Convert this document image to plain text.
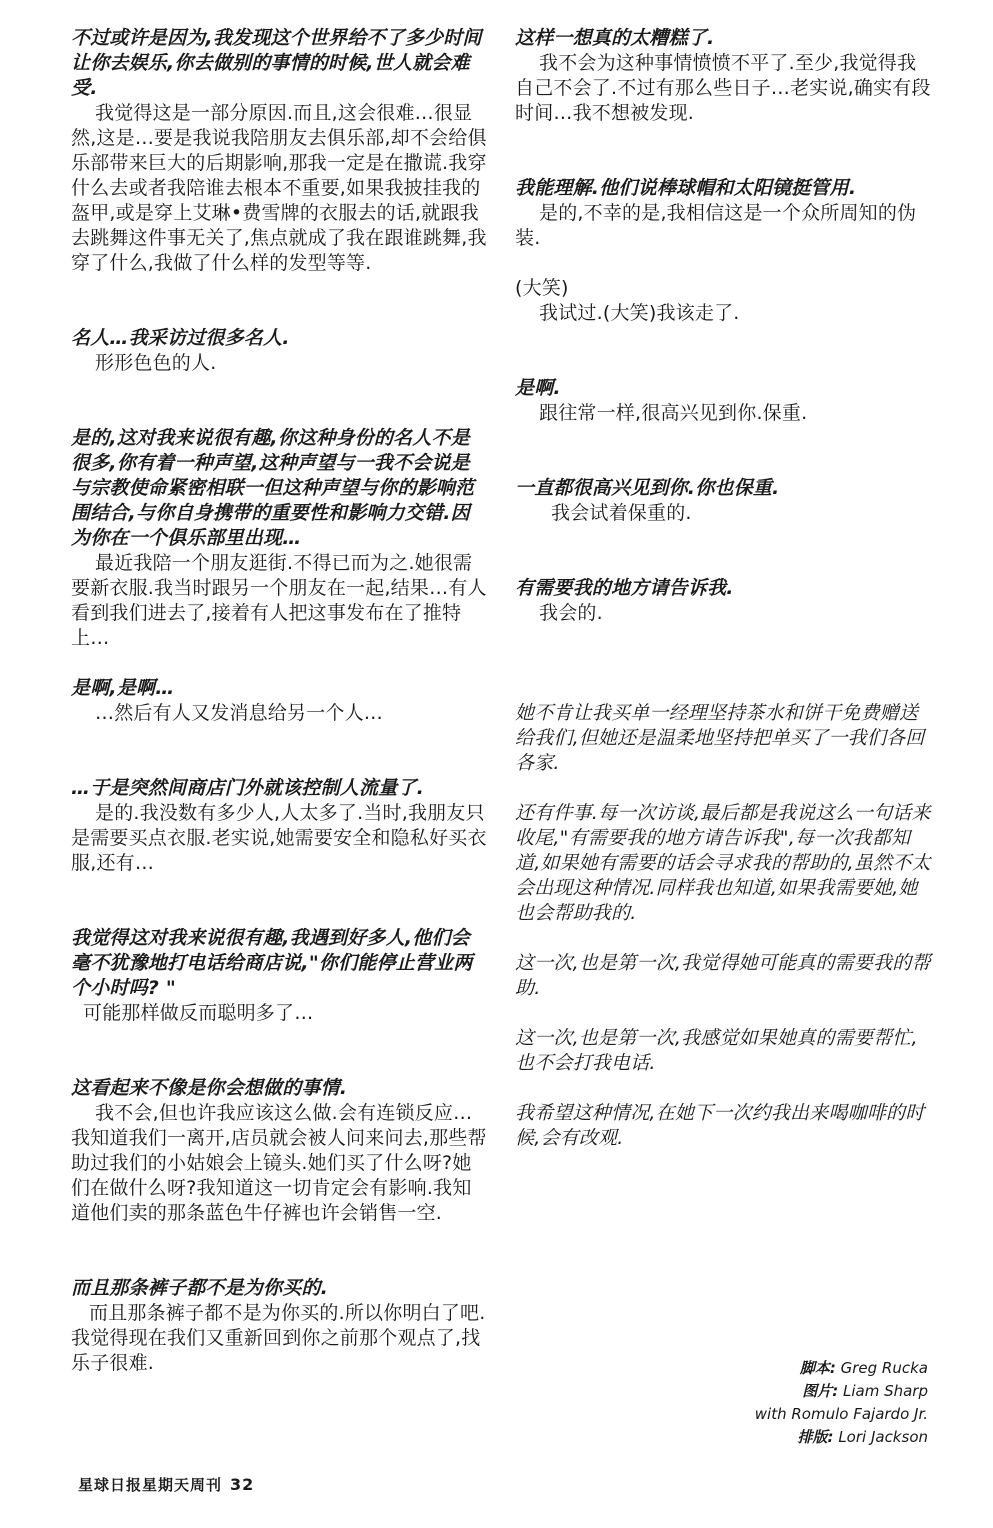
不过或许是因为,我发现这个世界给不了多少时间让你去娱乐,你去做别的事情的时候,世人就会难受.

我觉得这是一部分原因.而且,这会很难…很显然,这是…要是我说我陪朋友去俱乐部,却不会给俱乐部带来巨大的后期影响,那我一定是在撒谎.我穿什么去或者我陪谁去根本不重要,如果我披挂我的盔甲,或是穿上艾琳•费雪牌的衣服去的话,就跟我去跳舞这件事无关了,焦点就成了我在跟谁跳舞,我穿了什么,我做了什么样的发型等等.

名人…我采访过很多名人.

形形色色的人.

是的,这对我来说很有趣,你这种身份的名人不是很多,你有着一种声望,这种声望与一我不会说是与宗教使命紧密相联一但这种声望与你的影响范围结合,与你自身携带的重要性和影响力交错.因为你在一个俱乐部里出现…

最近我陪一个朋友逛街.不得已而为之.她很需要新衣服.我当时跟另一个朋友在一起,结果…有人看到我们进去了,接着有人把这事发布在了推特上…

是啊,是啊…

…然后有人又发消息给另一个人…

…于是突然间商店门外就该控制人流量了.

是的.我没数有多少人,人太多了.当时,我朋友只是需要买点衣服.老实说,她需要安全和隐私好买衣服,还有…

我觉得这对我来说很有趣,我遇到好多人,他们会毫不犹豫地打电话给商店说,"你们能停止营业两个小时吗? "

可能那样做反而聪明多了…

这看起来不像是你会想做的事情.

我不会,但也许我应该这么做.会有连锁反应…我知道我们一离开,店员就会被人问来问去,那些帮助过我们的小姑娘会上镜头.她们买了什么呀?她们在做什么呀?我知道这一切肯定会有影响.我知道他们卖的那条蓝色牛仔裤也许会销售一空.

而且那条裤子都不是为你买的.

而且那条裤子都不是为你买的.所以你明白了吧.我觉得现在我们又重新回到你之前那个观点了,找乐子很难.

这样一想真的太糟糕了.

我不会为这种事情愤愤不平了.至少,我觉得我自己不会了.不过有那么些日子…老实说,确实有段时间…我不想被发现.

我能理解.他们说棒球帽和太阳镜挺管用.

是的,不幸的是,我相信这是一个众所周知的伪装.

(大笑)

我试过.(大笑)我该走了.

是啊.

跟往常一样,很高兴见到你.保重.

一直都很高兴见到你.你也保重.

我会试着保重的.

有需要我的地方请告诉我.

我会的.

她不肯让我买单一经理坚持茶水和饼干免费赠送给我们,但她还是温柔地坚持把单买了一我们各回各家.

还有件事.每一次访谈,最后都是我说这么一句话来收尾,"有需要我的地方请告诉我",每一次我都知道,如果她有需要的话会寻求我的帮助的,虽然不太会出现这种情况.同样我也知道,如果我需要她,她也会帮助我的.

这一次,也是第一次,我觉得她可能真的需要我的帮助.

这一次,也是第一次,我感觉如果她真的需要帮忙,也不会打我电话.

我希望这种情况,在她下一次约我出来喝咖啡的时候,会有改观.

脚本: Greg Rucka
图片: Liam Sharp
with Romulo Fajardo Jr.
排版: Lori Jackson
星球日报星期天周刊 32
